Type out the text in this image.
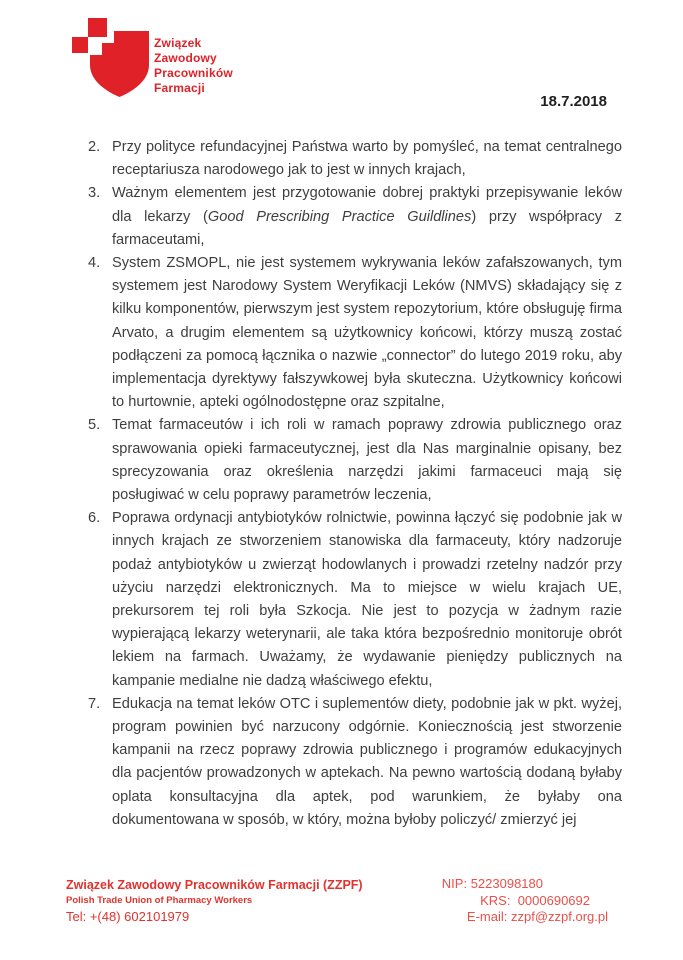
Związek
Zawodowy
Pracowników
Farmacji
18.7.2018
2. Przy polityce refundacyjnej Państwa warto by pomyśleć, na temat centralnego receptariusza narodowego jak to jest w innych krajach,
3. Ważnym elementem jest przygotowanie dobrej praktyki przepisywanie leków dla lekarzy (Good Prescribing Practice Guildlines) przy współpracy z farmaceutami,
4. System ZSMOPL, nie jest systemem wykrywania leków zafałszowanych, tym systemem jest Narodowy System Weryfikacji Leków (NMVS) składający się z kilku komponentów, pierwszym jest system repozytorium, które obsługuję firma Arvato, a drugim elementem są użytkownicy końcowi, którzy muszą zostać podłączeni za pomocą łącznika o nazwie „connector” do lutego 2019 roku, aby implementacja dyrektywy fałszywkowej była skuteczna. Użytkownicy końcowi to hurtownie, apteki ogólnodostępne oraz szpitalne,
5. Temat farmaceutów i ich roli w ramach poprawy zdrowia publicznego oraz sprawowania opieki farmaceutycznej, jest dla Nas marginalnie opisany, bez sprecyzowania oraz określenia narzędzi jakimi farmaceuci mają się posługiwać w celu poprawy parametrów leczenia,
6. Poprawa ordynacji antybiotyków rolnictwie, powinna łączyć się podobnie jak w innych krajach ze stworzeniem stanowiska dla farmaceuty, który nadzoruje podaż antybiotyków u zwierząt hodowlanych i prowadzi rzetelny nadzór przy użyciu narzędzi elektronicznych. Ma to miejsce w wielu krajach UE, prekursorem tej roli była Szkocja. Nie jest to pozycja w żadnym razie wypierającą lekarzy weterynarii, ale taka która bezpośrednio monitoruje obrót lekiem na farmach. Uważamy, że wydawanie pieniędzy publicznych na kampanie medialne nie dadzą właściwego efektu,
7. Edukacja na temat leków OTC i suplementów diety, podobnie jak w pkt. wyżej, program powinien być narzucony odgórnie. Koniecznością jest stworzenie kampanii na rzecz poprawy zdrowia publicznego i programów edukacyjnych dla pacjentów prowadzonych w aptekach. Na pewno wartością dodaną byłaby oplata konsultacyjna dla aptek, pod warunkiem, że byłaby ona dokumentowana w sposób, w który, można byłoby policzyć/ zmierzyć jej
Związek Zawodowy Pracowników Farmacji (ZZPF)
Polish Trade Union of Pharmacy Workers
Tel: +(48) 602101979
NIP: 5223098180
KRS:  0000690692
E-mail: zzpf@zzpf.org.pl
